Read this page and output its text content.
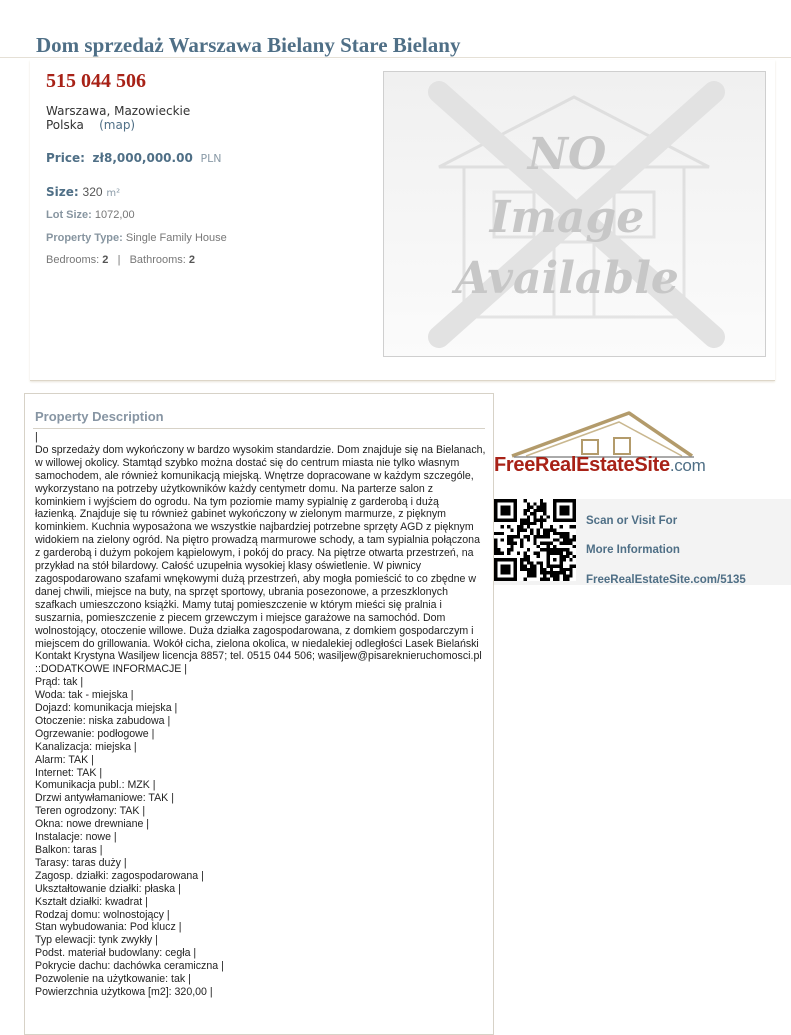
Dom sprzedaż Warszawa Bielany Stare Bielany
515 044 506
Warszawa, Mazowieckie
Polska (map)
Price: zł8,000,000.00 PLN
Size: 320 m²
Lot Size: 1072,00
Property Type: Single Family House
Bedrooms: 2 | Bathrooms: 2
NO
Image
Available
Property Description

|
Do sprzedaży dom wykończony w bardzo wysokim standardzie. Dom znajduje się na Bielanach,
w willowej okolicy. Stamtąd szybko można dostać się do centrum miasta nie tylko własnym
samochodem, ale również komunikacją miejską. Wnętrze dopracowane w każdym szczególe,
wykorzystano na potrzeby użytkowników każdy centymetr domu. Na parterze salon z
kominkiem i wyjściem do ogrodu. Na tym poziomie mamy sypialnię z garderobą i dużą
łazienką. Znajduje się tu również gabinet wykończony w zielonym marmurze, z pięknym
kominkiem. Kuchnia wyposażona we wszystkie najbardziej potrzebne sprzęty AGD z pięknym
widokiem na zielony ogród. Na piętro prowadzą marmurowe schody, a tam sypialnia połączona
z garderobą i dużym pokojem kąpielowym, i pokój do pracy. Na piętrze otwarta przestrzeń, na
przykład na stół bilardowy. Całość uzupełnia wysokiej klasy oświetlenie. W piwnicy
zagospodarowano szafami wnękowymi dużą przestrzeń, aby mogła pomieścić to co zbędne w
danej chwili, miejsce na buty, na sprzęt sportowy, ubrania posezonowe, a przeszklonych
szafkach umieszczono książki. Mamy tutaj pomieszczenie w którym mieści się pralnia i
suszarnia, pomieszczenie z piecem grzewczym i miejsce garażowe na samochód. Dom
wolnostojący, otoczenie willowe. Duża działka zagospodarowana, z domkiem gospodarczym i
miejscem do grillowania. Wokół cicha, zielona okolica, w niedalekiej odległości Lasek Bielański
Kontakt Krystyna Wasiljew licencja 8857; tel. 0515 044 506; wasiljew@pisareknieruchomosci.pl
::DODATKOWE INFORMACJE |

Prąd: tak |
Woda: tak - miejska |
Dojazd: komunikacja miejska |
Otoczenie: niska zabudowa |
Ogrzewanie: podłogowe |
Kanalizacja: miejska |
Alarm: TAK |
Internet: TAK |
Komunikacja publ.: MZK |
Drzwi antywłamaniowe: TAK |
Teren ogrodzony: TAK |
Okna: nowe drewniane |
Instalacje: nowe |
Balkon: taras |
Tarasy: taras duży |
Zagosp. działki: zagospodarowana |
Ukształtowanie działki: płaska |
Kształt działki: kwadrat |
Rodzaj domu: wolnostojący |
Stan wybudowania: Pod klucz |
Typ elewacji: tynk zwykły |
Podst. materiał budowlany: cegła |
Pokrycie dachu: dachówka ceramiczna |
Pozwolenie na użytkowanie: tak |
Powierzchnia użytkowa [m2]: 320,00 |
FreeRealEstateSite.com
Scan or Visit For
More Information
FreeRealEstateSite.com/5135
